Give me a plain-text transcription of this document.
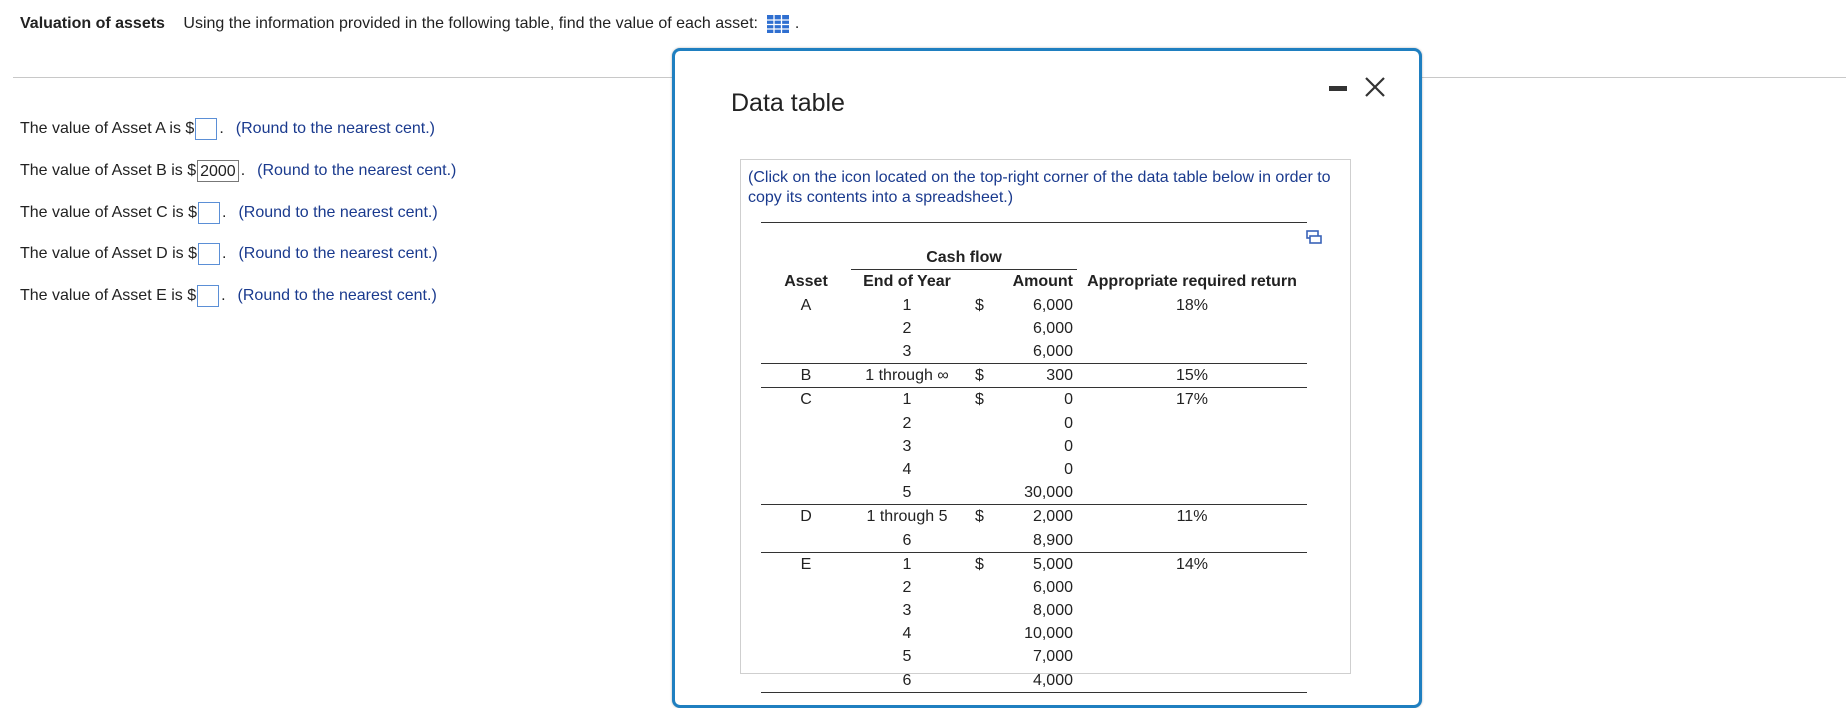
Valuation of assets Using the information provided in the following table, find the value of each asset: .
The value of Asset A is $ . (Round to the nearest cent.)
The value of Asset B is $ 2000 . (Round to the nearest cent.)
The value of Asset C is $ . (Round to the nearest cent.)
The value of Asset D is $ . (Round to the nearest cent.)
The value of Asset E is $ . (Round to the nearest cent.)
Data table
(Click on the icon located on the top-right corner of the data table below in order to copy its contents into a spreadsheet.)

	Cash flow		
Asset	End of Year	Amount	Appropriate required return
A	1	$ 6,000	18%
	2	6,000	

	3	6,000	

B	1 through ∞	$ 300	15%
C	1	$ 0	17%
	2	0	

	3	0	

	4	0	

	5	30,000	

D	1 through 5	$ 2,000	11%
	6	8,900	

E	1	$ 5,000	14%
	2	6,000	

	3	8,000	

	4	10,000	

	5	7,000	

	6	4,000	
